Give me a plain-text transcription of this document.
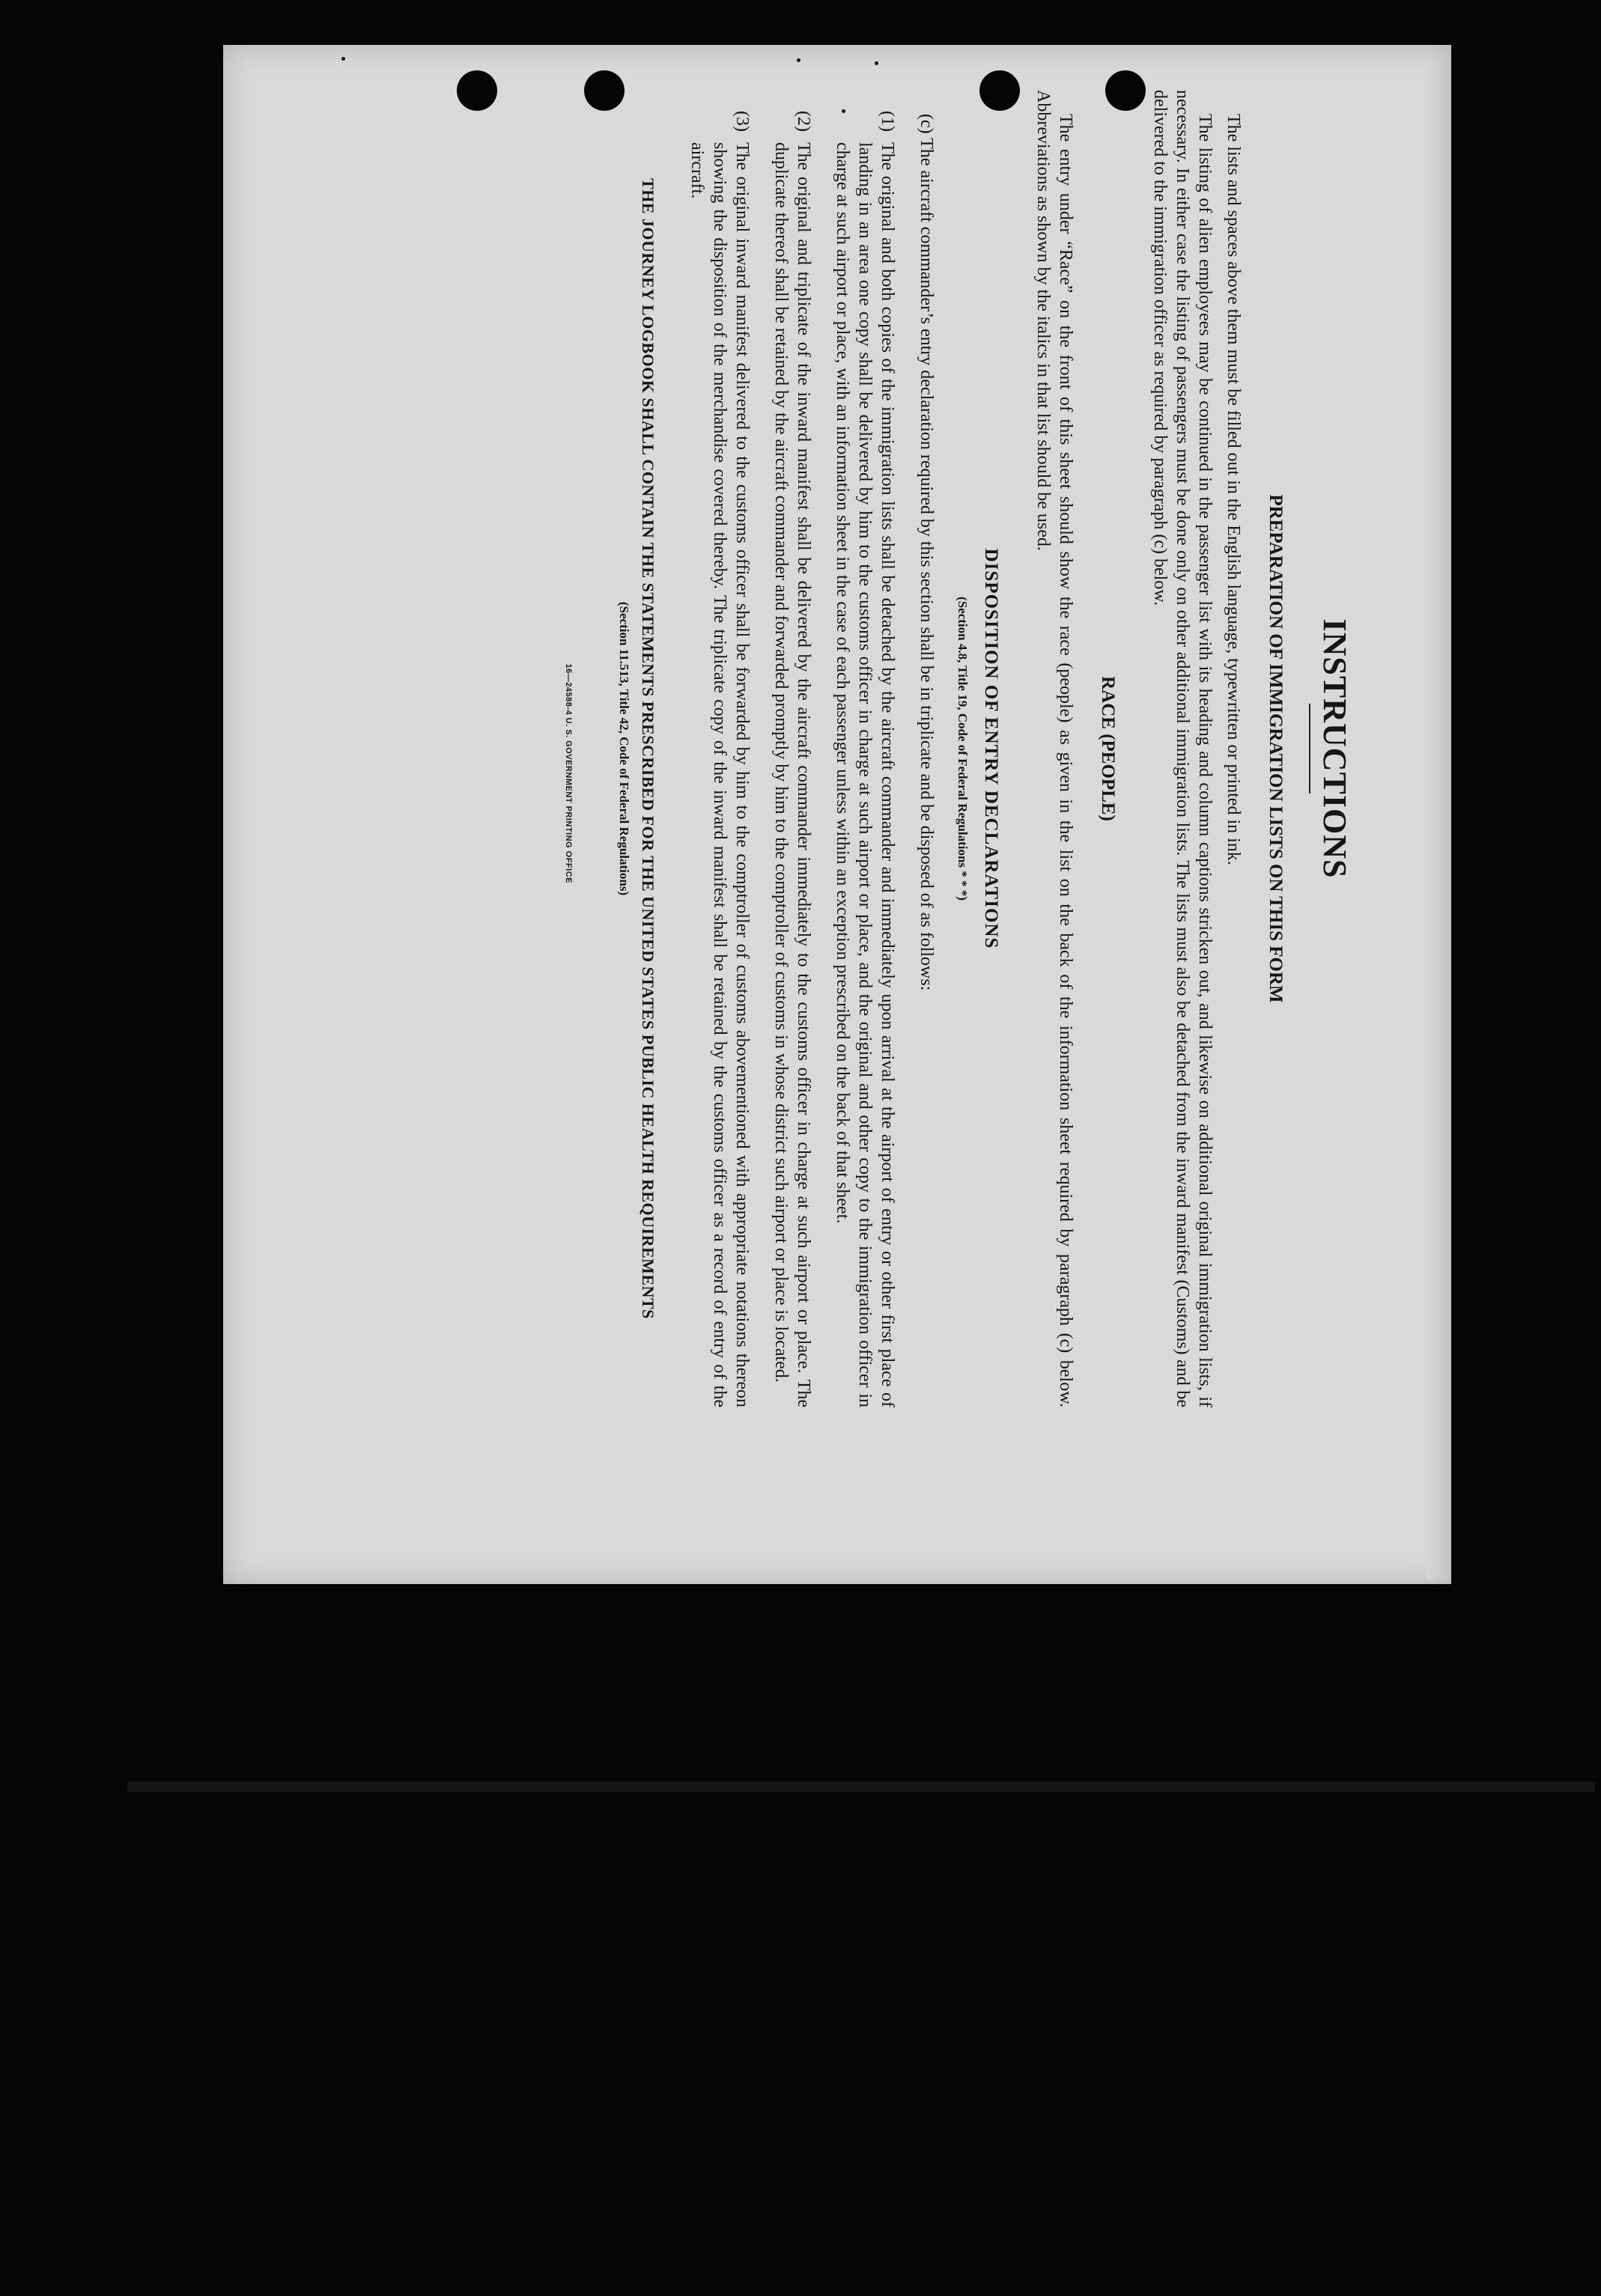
INSTRUCTIONS
PREPARATION OF IMMIGRATION LISTS ON THIS FORM

The lists and spaces above them must be filled out in the English language, typewritten or printed in ink.

The listing of alien employees may be continued in the passenger list with its heading and column captions stricken out, and likewise on additional original immigration lists, if necessary. In either case the listing of passengers must be done only on other additional immigration lists. The lists must also be detached from the inward manifest (Customs) and be delivered to the immigration officer as required by paragraph (c) below.

RACE (PEOPLE)

The entry under “Race” on the front of this sheet should show the race (people) as given in the list on the back of the information sheet required by paragraph (c) below. Abbreviations as shown by the italics in that list should be used.

DISPOSITION OF ENTRY DECLARATIONS
(Section 4.8, Title 19, Code of Federal Regulations * * *)

(c) The aircraft commander’s entry declaration required by this section shall be in triplicate and be disposed of as follows:

(1)
The original and both copies of the immigration lists shall be detached by the aircraft commander and immediately upon arrival at the airport of entry or other first place of landing in an area one copy shall be delivered by him to the customs officer in charge at such airport or place, and the original and other copy to the immigration officer in charge at such airport or place, with an information sheet in the case of each passenger unless within an exception prescribed on the back of that sheet.
(2)
The original and triplicate of the inward manifest shall be delivered by the aircraft commander immediately to the customs officer in charge at such airport or place. The duplicate thereof shall be retained by the aircraft commander and forwarded promptly by him to the comptroller of customs in whose district such airport or place is located.
(3)
The original inward manifest delivered to the customs officer shall be forwarded by him to the comptroller of customs abovementioned with appropriate notations thereon showing the disposition of the merchandise covered thereby. The triplicate copy of the inward manifest shall be retained by the customs officer as a record of entry of the aircraft.
THE JOURNEY LOGBOOK SHALL CONTAIN THE STATEMENTS PRESCRIBED FOR THE UNITED STATES PUBLIC HEALTH REQUIREMENTS
(Section 11.513, Title 42, Code of Federal Regulations)
16—24588-4 U. S. GOVERNMENT PRINTING OFFICE
